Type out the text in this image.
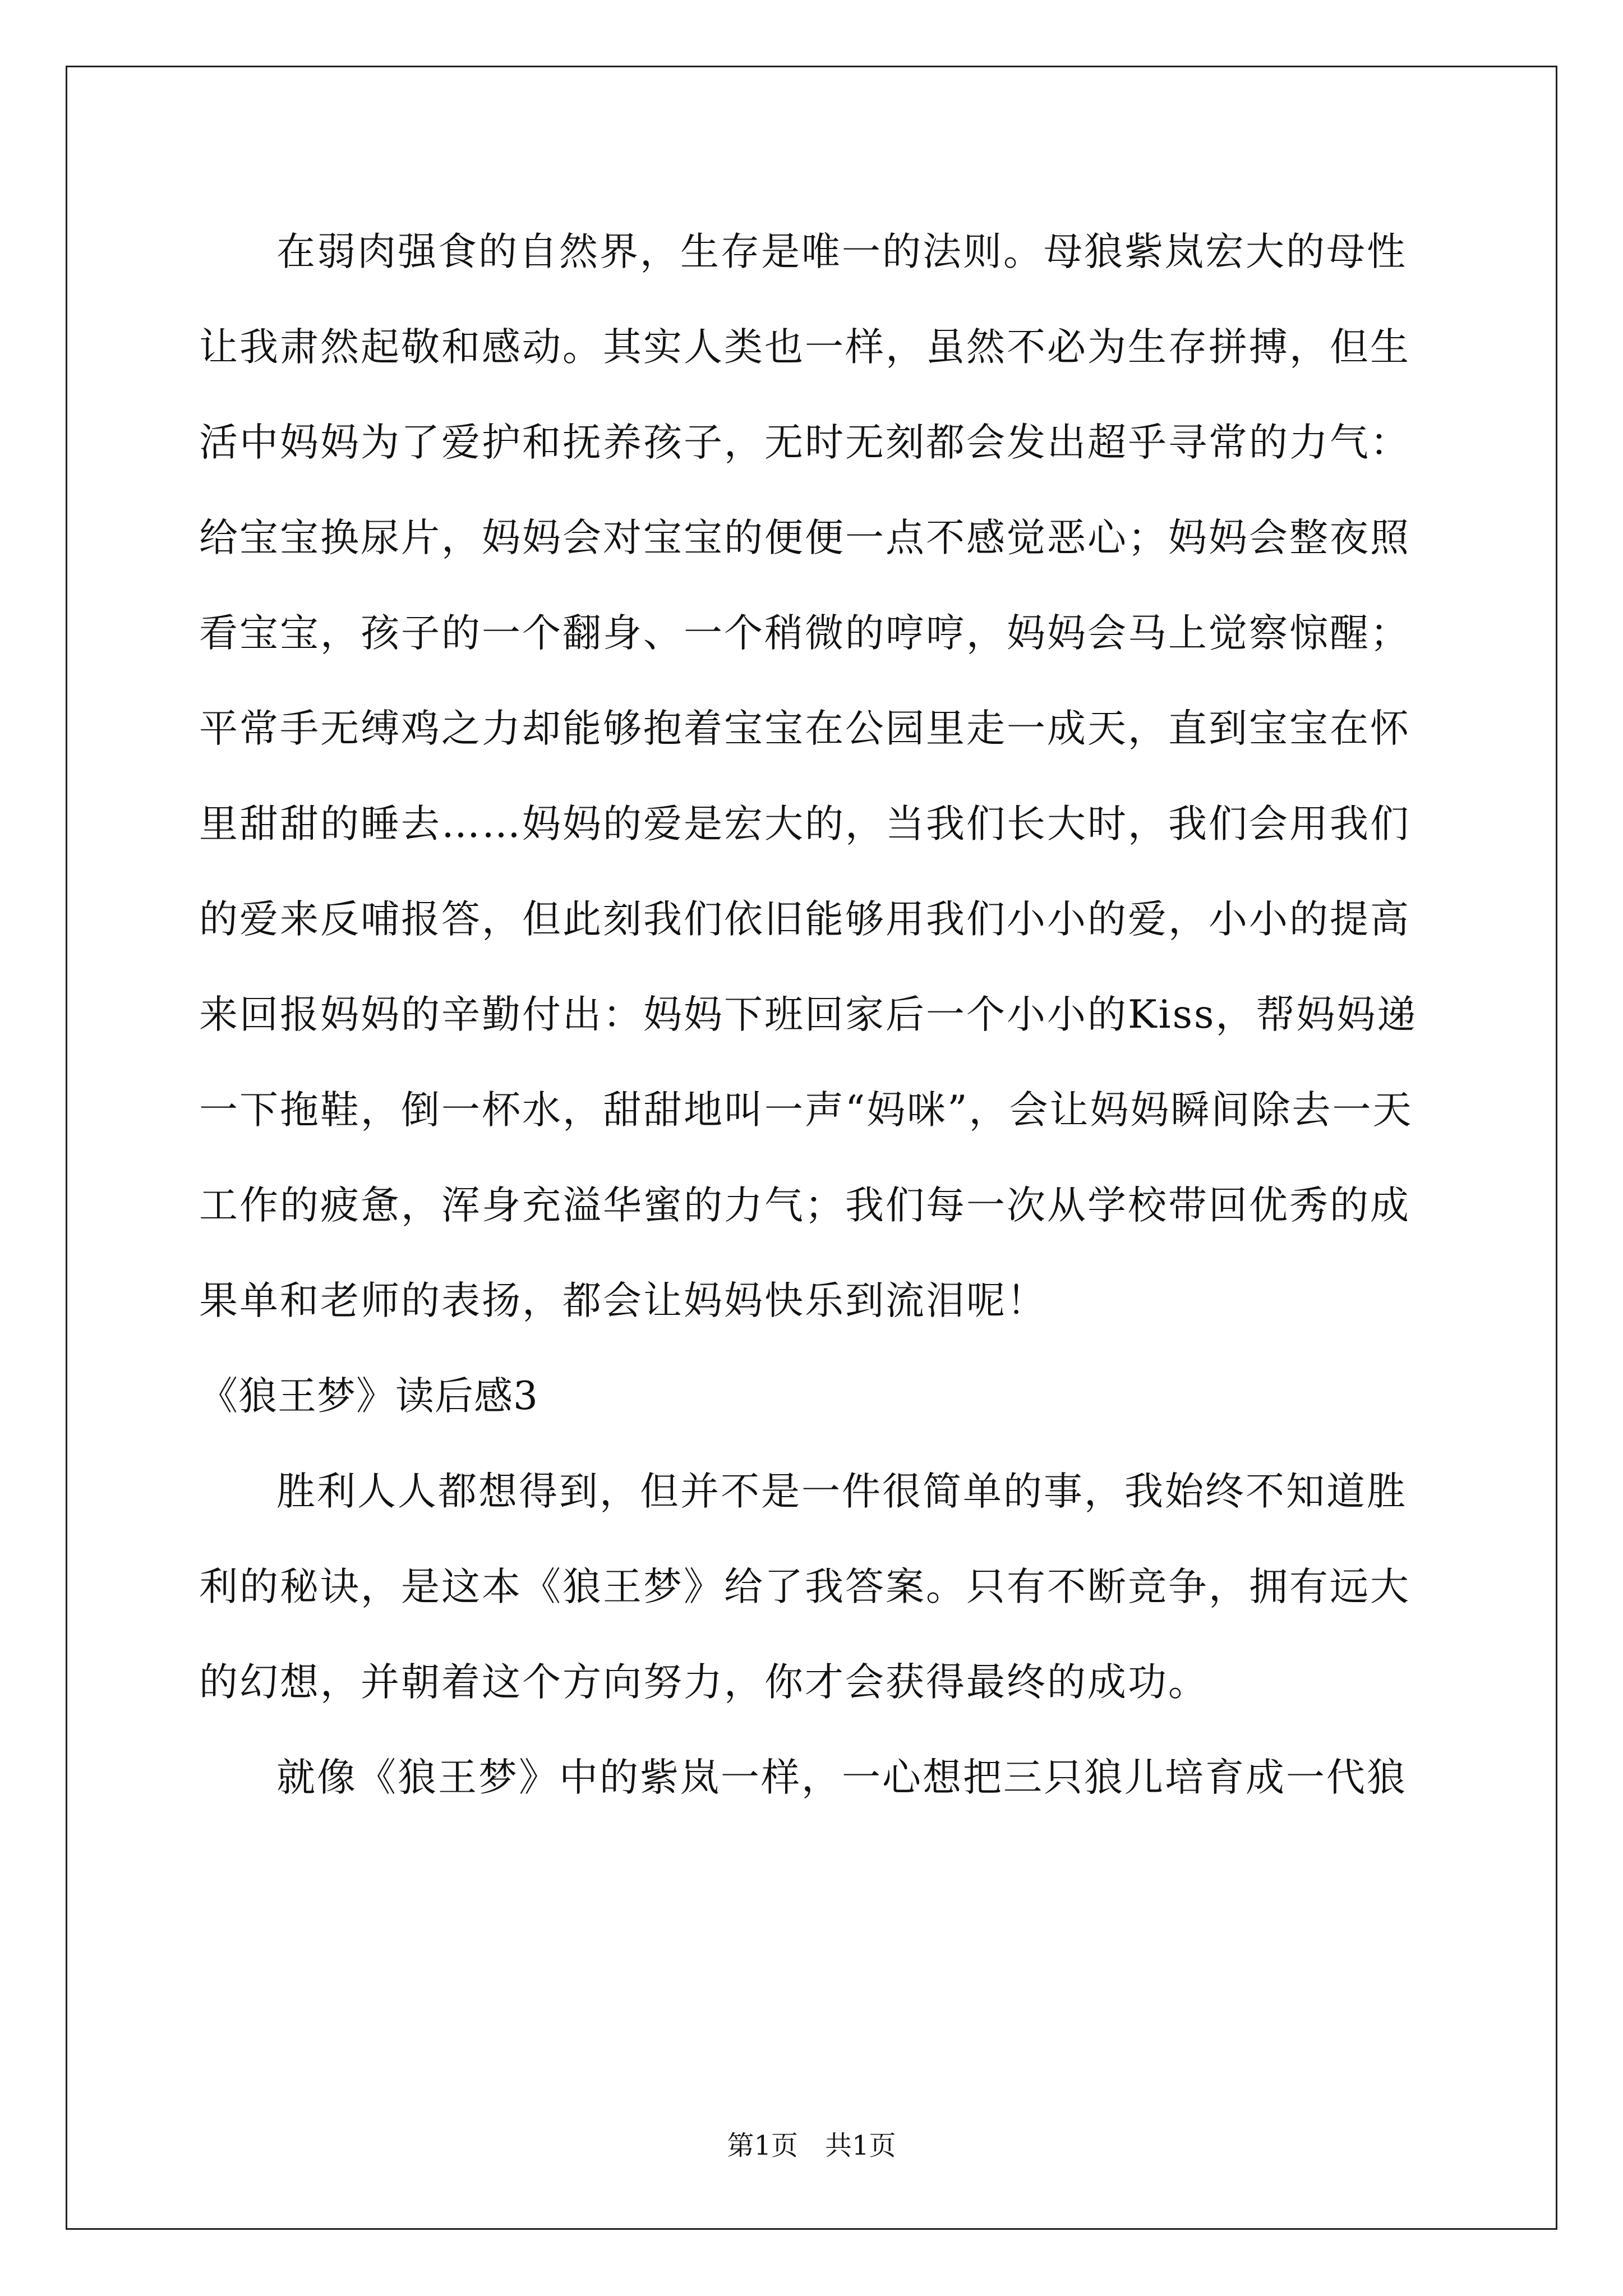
在弱肉强食的自然界，生存是唯一的法则。母狼紫岚宏大的母性
让我肃然起敬和感动。其实人类也一样，虽然不必为生存拼搏，但生
活中妈妈为了爱护和抚养孩子，无时无刻都会发出超乎寻常的力气：
给宝宝换尿片，妈妈会对宝宝的便便一点不感觉恶心；妈妈会整夜照
看宝宝，孩子的一个翻身、一个稍微的哼哼，妈妈会马上觉察惊醒；
平常手无缚鸡之力却能够抱着宝宝在公园里走一成天，直到宝宝在怀
里甜甜的睡去……妈妈的爱是宏大的，当我们长大时，我们会用我们
的爱来反哺报答，但此刻我们依旧能够用我们小小的爱，小小的提高
来回报妈妈的辛勤付出：妈妈下班回家后一个小小的Kiss，帮妈妈递
一下拖鞋，倒一杯水，甜甜地叫一声“妈咪”，会让妈妈瞬间除去一天
工作的疲惫，浑身充溢华蜜的力气；我们每一次从学校带回优秀的成
果单和老师的表扬，都会让妈妈快乐到流泪呢！
《狼王梦》读后感3
胜利人人都想得到，但并不是一件很简单的事，我始终不知道胜
利的秘诀，是这本《狼王梦》给了我答案。只有不断竞争，拥有远大
的幻想，并朝着这个方向努力，你才会获得最终的成功。
就像《狼王梦》中的紫岚一样，一心想把三只狼儿培育成一代狼
第1页　共1页
